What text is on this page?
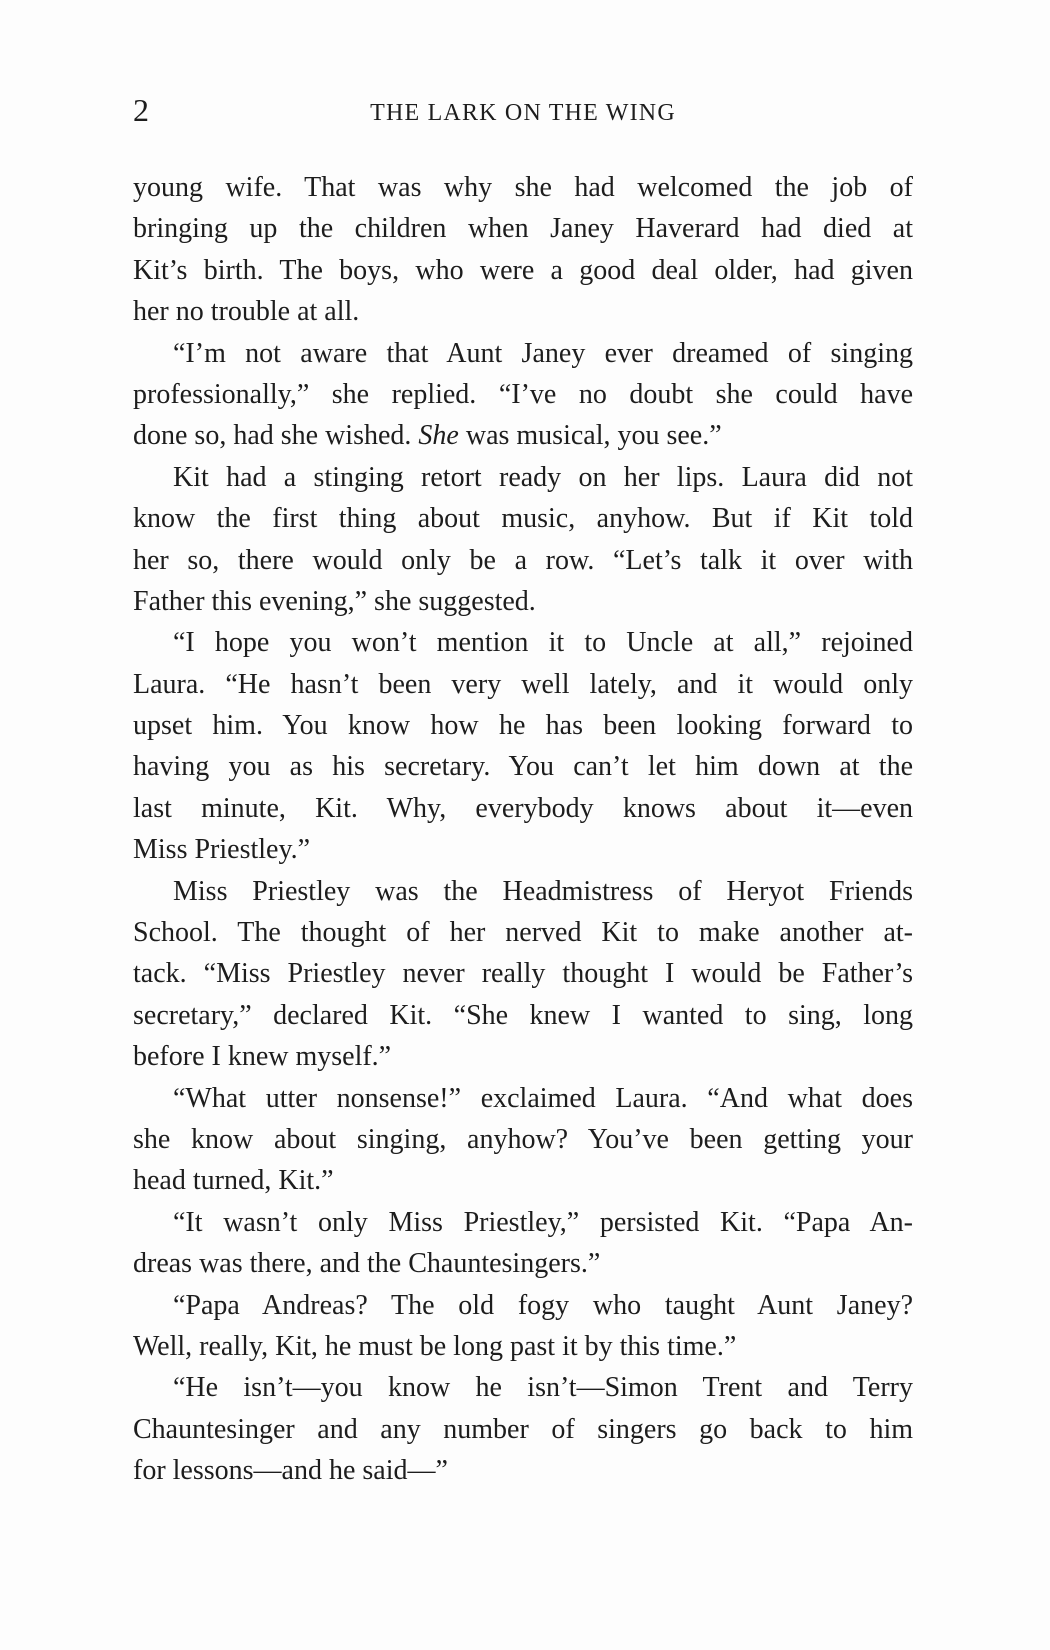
2	THE LARK ON THE WING
young wife. That was why she had welcomed the job of
bringing up the children when Janey Haverard had died at
Kit’s birth. The boys, who were a good deal older, had given
her no trouble at all.
“I’m not aware that Aunt Janey ever dreamed of singing
professionally,” she replied. “I’ve no doubt she could have
done so, had she wished. She was musical, you see.”
Kit had a stinging retort ready on her lips. Laura did not
know the first thing about music, anyhow. But if Kit told
her so, there would only be a row. “Let’s talk it over with
Father this evening,” she suggested.
“I hope you won’t mention it to Uncle at all,” rejoined
Laura. “He hasn’t been very well lately, and it would only
upset him. You know how he has been looking forward to
having you as his secretary. You can’t let him down at the
last minute, Kit. Why, everybody knows about it—even
Miss Priestley.”
Miss Priestley was the Headmistress of Heryot Friends
School. The thought of her nerved Kit to make another at-
tack. “Miss Priestley never really thought I would be Father’s
secretary,” declared Kit. “She knew I wanted to sing, long
before I knew myself.”
“What utter nonsense!” exclaimed Laura. “And what does
she know about singing, anyhow? You’ve been getting your
head turned, Kit.”
“It wasn’t only Miss Priestley,” persisted Kit. “Papa An-
dreas was there, and the Chauntesingers.”
“Papa Andreas? The old fogy who taught Aunt Janey?
Well, really, Kit, he must be long past it by this time.”
“He isn’t—you know he isn’t—Simon Trent and Terry
Chauntesinger and any number of singers go back to him
for lessons—and he said—”
